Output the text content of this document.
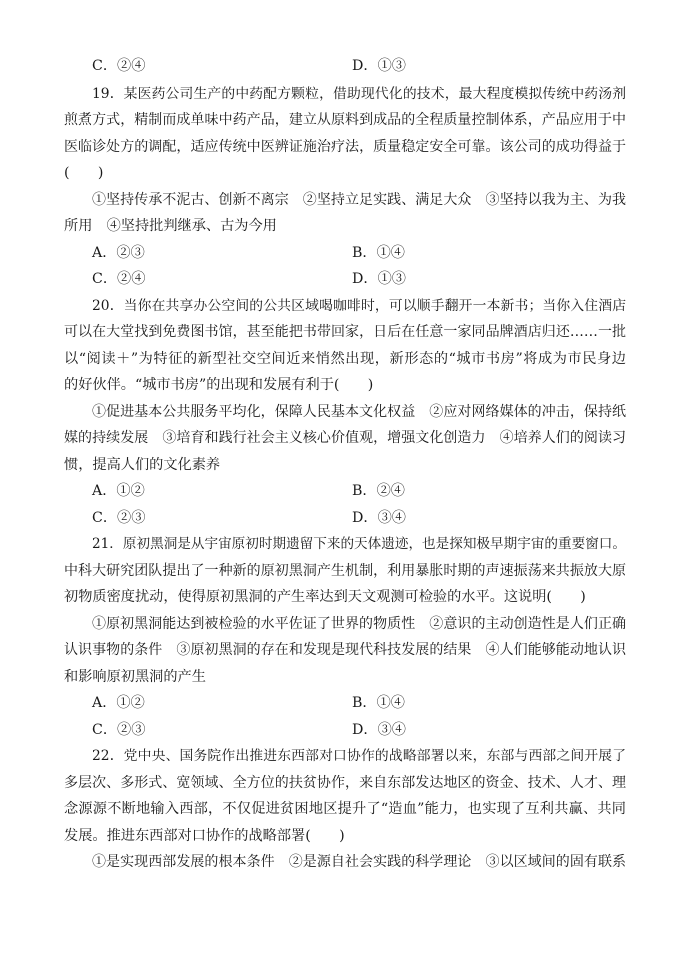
C．②④	D．①③
19．某医药公司生产的中药配方颗粒，借助现代化的技术，最大程度模拟传统中药汤剂
煎煮方式，精制而成单味中药产品，建立从原料到成品的全程质量控制体系，产品应用于中
医临诊处方的调配，适应传统中医辨证施治疗法，质量稳定安全可靠。该公司的成功得益于
(　　)
①坚持传承不泥古、创新不离宗　②坚持立足实践、满足大众　③坚持以我为主、为我
所用　④坚持批判继承、古为今用
A．②③	B．①④
C．②④	D．①③
20．当你在共享办公空间的公共区域喝咖啡时，可以顺手翻开一本新书；当你入住酒店
可以在大堂找到免费图书馆，甚至能把书带回家，日后在任意一家同品牌酒店归还……一批
以“阅读＋”为特征的新型社交空间近来悄然出现，新形态的“城市书房”将成为市民身边
的好伙伴。“城市书房”的出现和发展有利于(　　)
①促进基本公共服务平均化，保障人民基本文化权益　②应对网络媒体的冲击，保持纸
媒的持续发展　③培育和践行社会主义核心价值观，增强文化创造力　④培养人们的阅读习
惯，提高人们的文化素养
A．①②	B．②④
C．②③	D．③④
21．原初黑洞是从宇宙原初时期遗留下来的天体遗迹，也是探知极早期宇宙的重要窗口。
中科大研究团队提出了一种新的原初黑洞产生机制，利用暴胀时期的声速振荡来共振放大原
初物质密度扰动，使得原初黑洞的产生率达到天文观测可检验的水平。这说明(　　)
①原初黑洞能达到被检验的水平佐证了世界的物质性　②意识的主动创造性是人们正确
认识事物的条件　③原初黑洞的存在和发现是现代科技发展的结果　④人们能够能动地认识
和影响原初黑洞的产生
A．①②	B．①④
C．②③	D．③④
22．党中央、国务院作出推进东西部对口协作的战略部署以来，东部与西部之间开展了
多层次、多形式、宽领域、全方位的扶贫协作，来自东部发达地区的资金、技术、人才、理
念源源不断地输入西部，不仅促进贫困地区提升了“造血”能力，也实现了互利共赢、共同
发展。推进东西部对口协作的战略部署(　　)
①是实现西部发展的根本条件　②是源自社会实践的科学理论　③以区域间的固有联系
